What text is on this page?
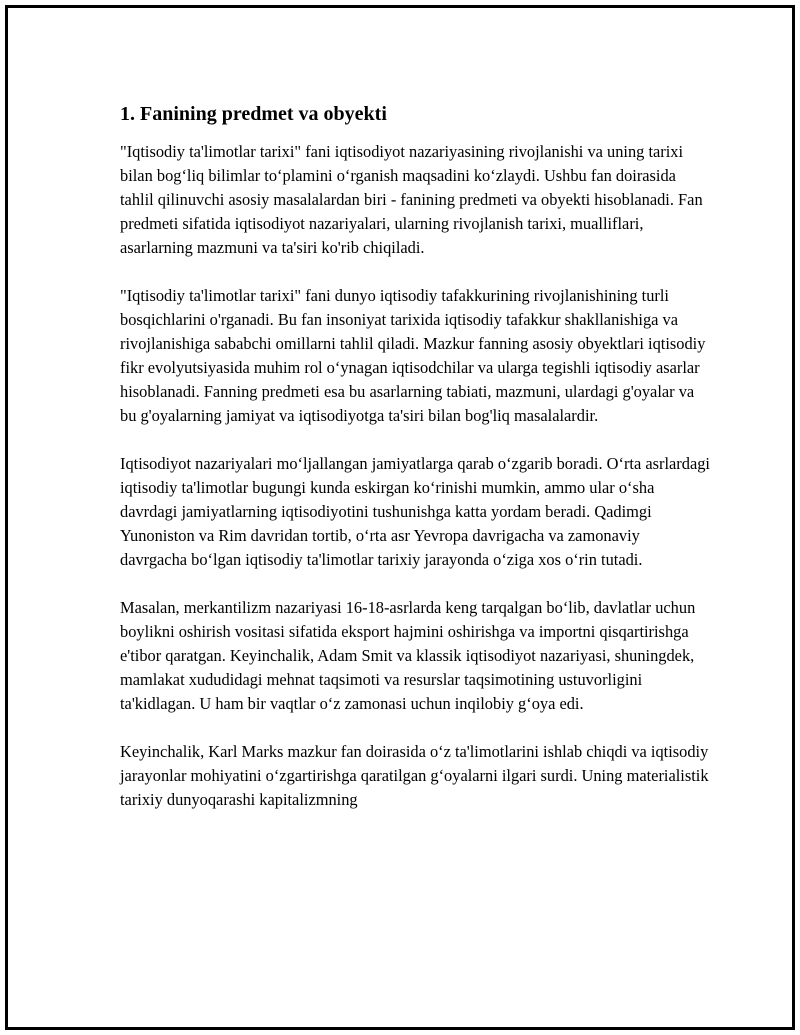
1. Fanining predmet va obyekti

"Iqtisodiy ta'limotlar tarixi" fani iqtisodiyot nazariyasining rivojlanishi va uning tarixi bilan bogʻliq bilimlar toʻplamini oʻrganish maqsadini koʻzlaydi. Ushbu fan doirasida tahlil qilinuvchi asosiy masalalardan biri - fanining predmeti va obyekti hisoblanadi. Fan predmeti sifatida iqtisodiyot nazariyalari, ularning rivojlanish tarixi, mualliflari, asarlarning mazmuni va ta'siri ko'rib chiqiladi.

"Iqtisodiy ta'limotlar tarixi" fani dunyo iqtisodiy tafakkurining rivojlanishining turli bosqichlarini o'rganadi. Bu fan insoniyat tarixida iqtisodiy tafakkur shakllanishiga va rivojlanishiga sababchi omillarni tahlil qiladi. Mazkur fanning asosiy obyektlari iqtisodiy fikr evolyutsiyasida muhim rol oʻynagan iqtisodchilar va ularga tegishli iqtisodiy asarlar hisoblanadi. Fanning predmeti esa bu asarlarning tabiati, mazmuni, ulardagi g'oyalar va bu g'oyalarning jamiyat va iqtisodiyotga ta'siri bilan bog'liq masalalardir.

Iqtisodiyot nazariyalari moʻljallangan jamiyatlarga qarab oʻzgarib boradi. Oʻrta asrlardagi iqtisodiy ta'limotlar bugungi kunda eskirgan koʻrinishi mumkin, ammo ular oʻsha davrdagi jamiyatlarning iqtisodiyotini tushunishga katta yordam beradi. Qadimgi Yunoniston va Rim davridan tortib, oʻrta asr Yevropa davrigacha va zamonaviy davrgacha boʻlgan iqtisodiy ta'limotlar tarixiy jarayonda oʻziga xos oʻrin tutadi.

Masalan, merkantilizm nazariyasi 16-18-asrlarda keng tarqalgan boʻlib, davlatlar uchun boylikni oshirish vositasi sifatida eksport hajmini oshirishga va importni qisqartirishga e'tibor qaratgan. Keyinchalik, Adam Smit va klassik iqtisodiyot nazariyasi, shuningdek, mamlakat xududidagi mehnat taqsimoti va resurslar taqsimotining ustuvorligini ta'kidlagan. U ham bir vaqtlar oʻz zamonasi uchun inqilobiy gʻoya edi.

Keyinchalik, Karl Marks mazkur fan doirasida oʻz ta'limotlarini ishlab chiqdi va iqtisodiy jarayonlar mohiyatini oʻzgartirishga qaratilgan gʻoyalarni ilgari surdi. Uning materialistik tarixiy dunyoqarashi kapitalizmning
